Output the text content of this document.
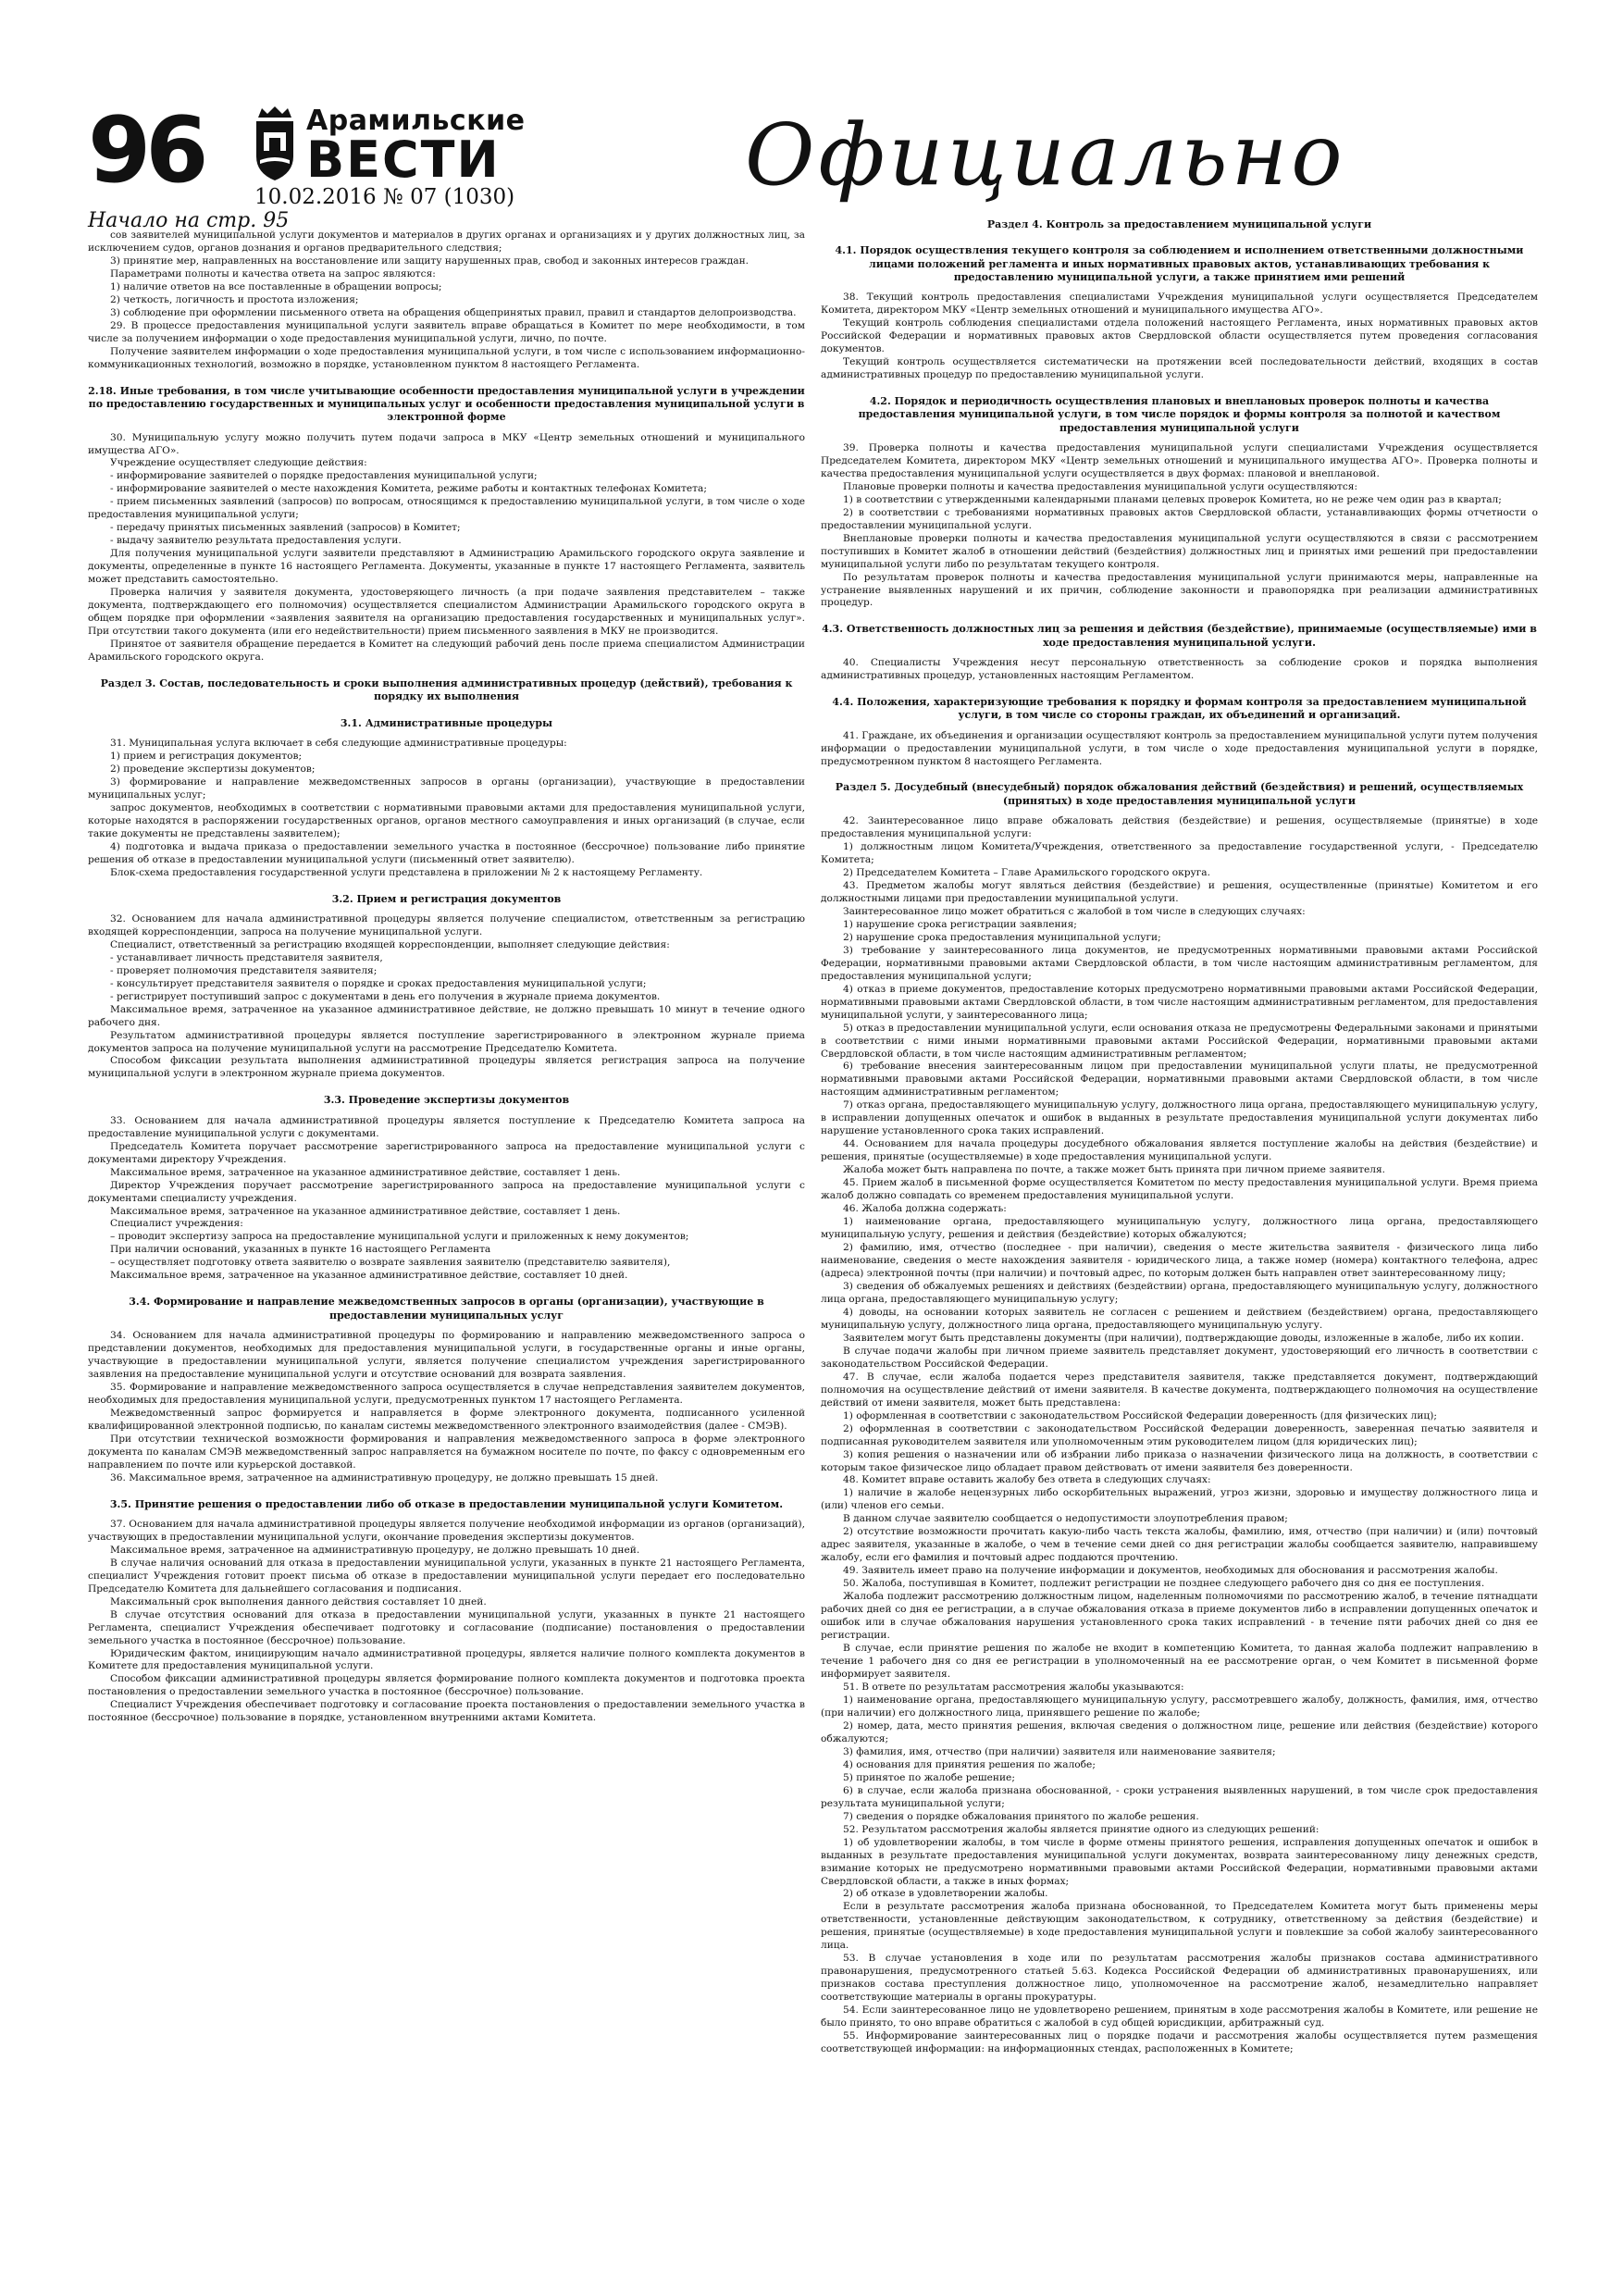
96	Арамильские
ВЕСТИ
10.02.2016 № 07 (1030)	Официально
Начало на стр. 95

сов заявителей муниципальной услуги документов и материалов в других органах и организациях и у других должностных лиц, за исключением судов, органов дознания и органов предварительного следствия;

3) принятие мер, направленных на восстановление или защиту нарушенных прав, свобод и законных интересов граждан.

Параметрами полноты и качества ответа на запрос являются:

1) наличие ответов на все поставленные в обращении вопросы;

2) четкость, логичность и простота изложения;

3) соблюдение при оформлении письменного ответа на обращения общепринятых правил, правил и стандартов делопроизводства.

29. В процессе предоставления муниципальной услуги заявитель вправе обращаться в Комитет по мере необходимости, в том числе за получением информации о ходе предоставления муниципальной услуги, лично, по почте.

Получение заявителем информации о ходе предоставления муниципальной услуги, в том числе с использованием информационно-коммуникационных технологий, возможно в порядке, установленном пунктом 8 настоящего Регламента.

2.18. Иные требования, в том числе учитывающие особенности предоставления муниципальной услуги в учреждении по предоставлению государственных и муниципальных услуг и особенности предоставления муниципальной услуги в электронной форме

30. Муниципальную услугу можно получить путем подачи запроса в МКУ «Центр земельных отношений и муниципального имущества АГО».

Учреждение осуществляет следующие действия:

- информирование заявителей о порядке предоставления муниципальной услуги;

- информирование заявителей о месте нахождения Комитета, режиме работы и контактных телефонах Комитета;

- прием письменных заявлений (запросов) по вопросам, относящимся к предоставлению муниципальной услуги, в том числе о ходе предоставления муниципальной услуги;

- передачу принятых письменных заявлений (запросов) в Комитет;

- выдачу заявителю результата предоставления услуги.

Для получения муниципальной услуги заявители представляют в Администрацию Арамильского городского округа заявление и документы, определенные в пункте 16 настоящего Регламента. Документы, указанные в пункте 17 настоящего Регламента, заявитель может представить самостоятельно.

Проверка наличия у заявителя документа, удостоверяющего личность (а при подаче заявления представителем – также документа, подтверждающего его полномочия) осуществляется специалистом Администрации Арамильского городского округа в общем порядке при оформлении «заявления заявителя на организацию предоставления государственных и муниципальных услуг». При отсутствии такого документа (или его недействительности) прием письменного заявления в МКУ не производится.

Принятое от заявителя обращение передается в Комитет на следующий рабочий день после приема специалистом Администрации Арамильского городского округа.

Раздел 3. Состав, последовательность и сроки выполнения административных процедур (действий), требования к порядку их выполнения
3.1. Административные процедуры

31. Муниципальная услуга включает в себя следующие административные процедуры:

1) прием и регистрация документов;

2) проведение экспертизы документов;

3) формирование и направление межведомственных запросов в органы (организации), участвующие в предоставлении муниципальных услуг;

запрос документов, необходимых в соответствии с нормативными правовыми актами для предоставления муниципальной услуги, которые находятся в распоряжении государственных органов, органов местного самоуправления и иных организаций (в случае, если такие документы не представлены заявителем);

4) подготовка и выдача приказа о предоставлении земельного участка в постоянное (бессрочное) пользование либо принятие решения об отказе в предоставлении муниципальной услуги (письменный ответ заявителю).

Блок-схема предоставления государственной услуги представлена в приложении № 2 к настоящему Регламенту.

3.2. Прием и регистрация документов

32. Основанием для начала административной процедуры является получение специалистом, ответственным за регистрацию входящей корреспонденции, запроса на получение муниципальной услуги.

Специалист, ответственный за регистрацию входящей корреспонденции, выполняет следующие действия:

- устанавливает личность представителя заявителя,

- проверяет полномочия представителя заявителя;

- консультирует представителя заявителя о порядке и сроках предоставления муниципальной услуги;

- регистрирует поступивший запрос с документами в день его получения в журнале приема документов.

Максимальное время, затраченное на указанное административное действие, не должно превышать 10 минут в течение одного рабочего дня.

Результатом административной процедуры является поступление зарегистрированного в электронном журнале приема документов запроса на получение муниципальной услуги на рассмотрение Председателю Комитета.

Способом фиксации результата выполнения административной процедуры является регистрация запроса на получение муниципальной услуги в электронном журнале приема документов.

3.3. Проведение экспертизы документов

33. Основанием для начала административной процедуры является поступление к Председателю Комитета запроса на предоставление муниципальной услуги с документами.

Председатель Комитета поручает рассмотрение зарегистрированного запроса на предоставление муниципальной услуги с документами директору Учреждения.

Максимальное время, затраченное на указанное административное действие, составляет 1 день.

Директор Учреждения поручает рассмотрение зарегистрированного запроса на предоставление муниципальной услуги с документами специалисту учреждения.

Максимальное время, затраченное на указанное административное действие, составляет 1 день.

Специалист учреждения:

– проводит экспертизу запроса на предоставление муниципальной услуги и приложенных к нему документов;

При наличии оснований, указанных в пункте 16 настоящего Регламента

– осуществляет подготовку ответа заявителю о возврате заявления заявителю (представителю заявителя),

Максимальное время, затраченное на указанное административное действие, составляет 10 дней.

3.4. Формирование и направление межведомственных запросов в органы (организации), участвующие в предоставлении муниципальных услуг

34. Основанием для начала административной процедуры по формированию и направлению межведомственного запроса о представлении документов, необходимых для предоставления муниципальной услуги, в государственные органы и иные органы, участвующие в предоставлении муниципальной услуги, является получение специалистом учреждения зарегистрированного заявления на предоставление муниципальной услуги и отсутствие оснований для возврата заявления.

35. Формирование и направление межведомственного запроса осуществляется в случае непредставления заявителем документов, необходимых для предоставления муниципальной услуги, предусмотренных пунктом 17 настоящего Регламента.

Межведомственный запрос формируется и направляется в форме электронного документа, подписанного усиленной квалифицированной электронной подписью, по каналам системы межведомственного электронного взаимодействия (далее - СМЭВ).

При отсутствии технической возможности формирования и направления межведомственного запроса в форме электронного документа по каналам СМЭВ межведомственный запрос направляется на бумажном носителе по почте, по факсу с одновременным его направлением по почте или курьерской доставкой.

36. Максимальное время, затраченное на административную процедуру, не должно превышать 15 дней.

3.5. Принятие решения о предоставлении либо об отказе в предоставлении муниципальной услуги Комитетом.

37. Основанием для начала административной процедуры является получение необходимой информации из органов (организаций), участвующих в предоставлении муниципальной услуги, окончание проведения экспертизы документов.

Максимальное время, затраченное на административную процедуру, не должно превышать 10 дней.

В случае наличия оснований для отказа в предоставлении муниципальной услуги, указанных в пункте 21 настоящего Регламента, специалист Учреждения готовит проект письма об отказе в предоставлении муниципальной услуги передает его последовательно Председателю Комитета для дальнейшего согласования и подписания.

Максимальный срок выполнения данного действия составляет 10 дней.

В случае отсутствия оснований для отказа в предоставлении муниципальной услуги, указанных в пункте 21 настоящего Регламента, специалист Учреждения обеспечивает подготовку и согласование (подписание) постановления о предоставлении земельного участка в постоянное (бессрочное) пользование.

Юридическим фактом, инициирующим начало административной процедуры, является наличие полного комплекта документов в Комитете для предоставления муниципальной услуги.

Способом фиксации административной процедуры является формирование полного комплекта документов и подготовка проекта постановления о предоставлении земельного участка в постоянное (бессрочное) пользование.

Специалист Учреждения обеспечивает подготовку и согласование проекта постановления о предоставлении земельного участка в постоянное (бессрочное) пользование в порядке, установленном внутренними актами Комитета.

Раздел 4. Контроль за предоставлением муниципальной услуги
4.1. Порядок осуществления текущего контроля за соблюдением и исполнением ответственными должностными лицами положений регламента и иных нормативных правовых актов, устанавливающих требования к предоставлению муниципальной услуги, а также принятием ими решений

38. Текущий контроль предоставления специалистами Учреждения муниципальной услуги осуществляется Председателем Комитета, директором МКУ «Центр земельных отношений и муниципального имущества АГО».

Текущий контроль соблюдения специалистами отдела положений настоящего Регламента, иных нормативных правовых актов Российской Федерации и нормативных правовых актов Свердловской области осуществляется путем проведения согласования документов.

Текущий контроль осуществляется систематически на протяжении всей последовательности действий, входящих в состав административных процедур по предоставлению муниципальной услуги.

4.2. Порядок и периодичность осуществления плановых и внеплановых проверок полноты и качества предоставления муниципальной услуги, в том числе порядок и формы контроля за полнотой и качеством предоставления муниципальной услуги

39. Проверка полноты и качества предоставления муниципальной услуги специалистами Учреждения осуществляется Председателем Комитета, директором МКУ «Центр земельных отношений и муниципального имущества АГО». Проверка полноты и качества предоставления муниципальной услуги осуществляется в двух формах: плановой и внеплановой.

Плановые проверки полноты и качества предоставления муниципальной услуги осуществляются:

1) в соответствии с утвержденными календарными планами целевых проверок Комитета, но не реже чем один раз в квартал;

2) в соответствии с требованиями нормативных правовых актов Свердловской области, устанавливающих формы отчетности о предоставлении муниципальной услуги.

Внеплановые проверки полноты и качества предоставления муниципальной услуги осуществляются в связи с рассмотрением поступивших в Комитет жалоб в отношении действий (бездействия) должностных лиц и принятых ими решений при предоставлении муниципальной услуги либо по результатам текущего контроля.

По результатам проверок полноты и качества предоставления муниципальной услуги принимаются меры, направленные на устранение выявленных нарушений и их причин, соблюдение законности и правопорядка при реализации административных процедур.

4.3. Ответственность должностных лиц за решения и действия (бездействие), принимаемые (осуществляемые) ими в ходе предоставления муниципальной услуги.

40. Специалисты Учреждения несут персональную ответственность за соблюдение сроков и порядка выполнения административных процедур, установленных настоящим Регламентом.

4.4. Положения, характеризующие требования к порядку и формам контроля за предоставлением муниципальной услуги, в том числе со стороны граждан, их объединений и организаций.

41. Граждане, их объединения и организации осуществляют контроль за предоставлением муниципальной услуги путем получения информации о предоставлении муниципальной услуги, в том числе о ходе предоставления муниципальной услуги в порядке, предусмотренном пунктом 8 настоящего Регламента.

Раздел 5. Досудебный (внесудебный) порядок обжалования действий (бездействия) и решений, осуществляемых (принятых) в ходе предоставления муниципальной услуги

42. Заинтересованное лицо вправе обжаловать действия (бездействие) и решения, осуществляемые (принятые) в ходе предоставления муниципальной услуги:

1) должностным лицом Комитета/Учреждения, ответственного за предоставление государственной услуги, - Председателю Комитета;

2) Председателем Комитета – Главе Арамильского городского округа.

43. Предметом жалобы могут являться действия (бездействие) и решения, осуществленные (принятые) Комитетом и его должностными лицами при предоставлении муниципальной услуги.

Заинтересованное лицо может обратиться с жалобой в том числе в следующих случаях:

1) нарушение срока регистрации заявления;

2) нарушение срока предоставления муниципальной услуги;

3) требование у заинтересованного лица документов, не предусмотренных нормативными правовыми актами Российской Федерации, нормативными правовыми актами Свердловской области, в том числе настоящим административным регламентом, для предоставления муниципальной услуги;

4) отказ в приеме документов, предоставление которых предусмотрено нормативными правовыми актами Российской Федерации, нормативными правовыми актами Свердловской области, в том числе настоящим административным регламентом, для предоставления муниципальной услуги, у заинтересованного лица;

5) отказ в предоставлении муниципальной услуги, если основания отказа не предусмотрены Федеральными законами и принятыми в соответствии с ними иными нормативными правовыми актами Российской Федерации, нормативными правовыми актами Свердловской области, в том числе настоящим административным регламентом;

6) требование внесения заинтересованным лицом при предоставлении муниципальной услуги платы, не предусмотренной нормативными правовыми актами Российской Федерации, нормативными правовыми актами Свердловской области, в том числе настоящим административным регламентом;

7) отказ органа, предоставляющего муниципальную услугу, должностного лица органа, предоставляющего муниципальную услугу, в исправлении допущенных опечаток и ошибок в выданных в результате предоставления муниципальной услуги документах либо нарушение установленного срока таких исправлений.

44. Основанием для начала процедуры досудебного обжалования является поступление жалобы на действия (бездействие) и решения, принятые (осуществляемые) в ходе предоставления муниципальной услуги.

Жалоба может быть направлена по почте, а также может быть принята при личном приеме заявителя.

45. Прием жалоб в письменной форме осуществляется Комитетом по месту предоставления муниципальной услуги. Время приема жалоб должно совпадать со временем предоставления муниципальной услуги.

46. Жалоба должна содержать:

1) наименование органа, предоставляющего муниципальную услугу, должностного лица органа, предоставляющего муниципальную услугу, решения и действия (бездействие) которых обжалуются;

2) фамилию, имя, отчество (последнее - при наличии), сведения о месте жительства заявителя - физического лица либо наименование, сведения о месте нахождения заявителя - юридического лица, а также номер (номера) контактного телефона, адрес (адреса) электронной почты (при наличии) и почтовый адрес, по которым должен быть направлен ответ заинтересованному лицу;

3) сведения об обжалуемых решениях и действиях (бездействии) органа, предоставляющего муниципальную услугу, должностного лица органа, предоставляющего муниципальную услугу;

4) доводы, на основании которых заявитель не согласен с решением и действием (бездействием) органа, предоставляющего муниципальную услугу, должностного лица органа, предоставляющего муниципальную услугу.

Заявителем могут быть представлены документы (при наличии), подтверждающие доводы, изложенные в жалобе, либо их копии.

В случае подачи жалобы при личном приеме заявитель представляет документ, удостоверяющий его личность в соответствии с законодательством Российской Федерации.

47. В случае, если жалоба подается через представителя заявителя, также представляется документ, подтверждающий полномочия на осуществление действий от имени заявителя. В качестве документа, подтверждающего полномочия на осуществление действий от имени заявителя, может быть представлена:

1) оформленная в соответствии с законодательством Российской Федерации доверенность (для физических лиц);

2) оформленная в соответствии с законодательством Российской Федерации доверенность, заверенная печатью заявителя и подписанная руководителем заявителя или уполномоченным этим руководителем лицом (для юридических лиц);

3) копия решения о назначении или об избрании либо приказа о назначении физического лица на должность, в соответствии с которым такое физическое лицо обладает правом действовать от имени заявителя без доверенности.

48. Комитет вправе оставить жалобу без ответа в следующих случаях:

1) наличие в жалобе нецензурных либо оскорбительных выражений, угроз жизни, здоровью и имуществу должностного лица и (или) членов его семьи.

В данном случае заявителю сообщается о недопустимости злоупотребления правом;

2) отсутствие возможности прочитать какую-либо часть текста жалобы, фамилию, имя, отчество (при наличии) и (или) почтовый адрес заявителя, указанные в жалобе, о чем в течение семи дней со дня регистрации жалобы сообщается заявителю, направившему жалобу, если его фамилия и почтовый адрес поддаются прочтению.

49. Заявитель имеет право на получение информации и документов, необходимых для обоснования и рассмотрения жалобы.

50. Жалоба, поступившая в Комитет, подлежит регистрации не позднее следующего рабочего дня со дня ее поступления.

Жалоба подлежит рассмотрению должностным лицом, наделенным полномочиями по рассмотрению жалоб, в течение пятнадцати рабочих дней со дня ее регистрации, а в случае обжалования отказа в приеме документов либо в исправлении допущенных опечаток и ошибок или в случае обжалования нарушения установленного срока таких исправлений - в течение пяти рабочих дней со дня ее регистрации.

В случае, если принятие решения по жалобе не входит в компетенцию Комитета, то данная жалоба подлежит направлению в течение 1 рабочего дня со дня ее регистрации в уполномоченный на ее рассмотрение орган, о чем Комитет в письменной форме информирует заявителя.

51. В ответе по результатам рассмотрения жалобы указываются:

1) наименование органа, предоставляющего муниципальную услугу, рассмотревшего жалобу, должность, фамилия, имя, отчество (при наличии) его должностного лица, принявшего решение по жалобе;

2) номер, дата, место принятия решения, включая сведения о должностном лице, решение или действия (бездействие) которого обжалуются;

3) фамилия, имя, отчество (при наличии) заявителя или наименование заявителя;

4) основания для принятия решения по жалобе;

5) принятое по жалобе решение;

6) в случае, если жалоба признана обоснованной, - сроки устранения выявленных нарушений, в том числе срок предоставления результата муниципальной услуги;

7) сведения о порядке обжалования принятого по жалобе решения.

52. Результатом рассмотрения жалобы является принятие одного из следующих решений:

1) об удовлетворении жалобы, в том числе в форме отмены принятого решения, исправления допущенных опечаток и ошибок в выданных в результате предоставления муниципальной услуги документах, возврата заинтересованному лицу денежных средств, взимание которых не предусмотрено нормативными правовыми актами Российской Федерации, нормативными правовыми актами Свердловской области, а также в иных формах;

2) об отказе в удовлетворении жалобы.

Если в результате рассмотрения жалоба признана обоснованной, то Председателем Комитета могут быть применены меры ответственности, установленные действующим законодательством, к сотруднику, ответственному за действия (бездействие) и решения, принятые (осуществляемые) в ходе предоставления муниципальной услуги и повлекшие за собой жалобу заинтересованного лица.

53. В случае установления в ходе или по результатам рассмотрения жалобы признаков состава административного правонарушения, предусмотренного статьей 5.63. Кодекса Российской Федерации об административных правонарушениях, или признаков состава преступления должностное лицо, уполномоченное на рассмотрение жалоб, незамедлительно направляет соответствующие материалы в органы прокуратуры.

54. Если заинтересованное лицо не удовлетворено решением, принятым в ходе рассмотрения жалобы в Комитете, или решение не было принято, то оно вправе обратиться с жалобой в суд общей юрисдикции, арбитражный суд.

55. Информирование заинтересованных лиц о порядке подачи и рассмотрения жалобы осуществляется путем размещения соответствующей информации: на информационных стендах, расположенных в Комитете;
